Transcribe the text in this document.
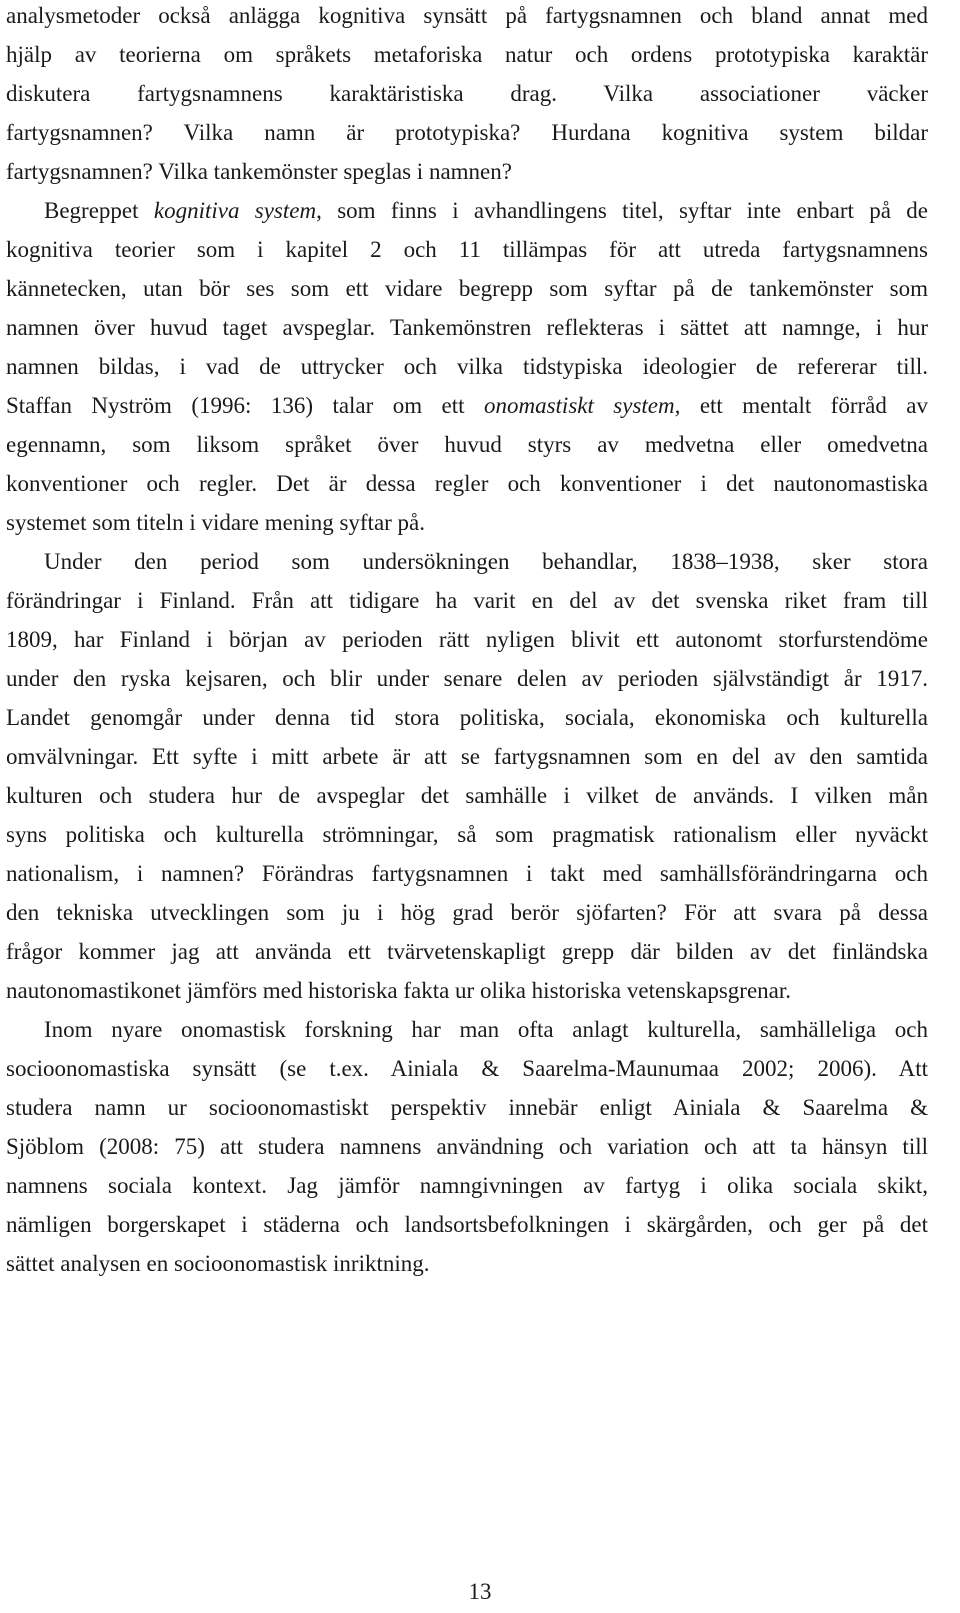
analysmetoder också anlägga kognitiva synsätt på fartygsnamnen och bland annat med
hjälp av teorierna om språkets metaforiska natur och ordens prototypiska karaktär
diskutera fartygsnamnens karaktäristiska drag. Vilka associationer väcker
fartygsnamnen? Vilka namn är prototypiska? Hurdana kognitiva system bildar
fartygsnamnen? Vilka tankemönster speglas i namnen?
Begreppet kognitiva system, som finns i avhandlingens titel, syftar inte enbart på de
kognitiva teorier som i kapitel 2 och 11 tillämpas för att utreda fartygsnamnens
kännetecken, utan bör ses som ett vidare begrepp som syftar på de tankemönster som
namnen över huvud taget avspeglar. Tankemönstren reflekteras i sättet att namnge, i hur
namnen bildas, i vad de uttrycker och vilka tidstypiska ideologier de refererar till.
Staffan Nyström (1996: 136) talar om ett onomastiskt system, ett mentalt förråd av
egennamn, som liksom språket över huvud styrs av medvetna eller omedvetna
konventioner och regler. Det är dessa regler och konventioner i det nautonomastiska
systemet som titeln i vidare mening syftar på.
Under den period som undersökningen behandlar, 1838–1938, sker stora
förändringar i Finland. Från att tidigare ha varit en del av det svenska riket fram till
1809, har Finland i början av perioden rätt nyligen blivit ett autonomt storfurstendöme
under den ryska kejsaren, och blir under senare delen av perioden självständigt år 1917.
Landet genomgår under denna tid stora politiska, sociala, ekonomiska och kulturella
omvälvningar. Ett syfte i mitt arbete är att se fartygsnamnen som en del av den samtida
kulturen och studera hur de avspeglar det samhälle i vilket de används. I vilken mån
syns politiska och kulturella strömningar, så som pragmatisk rationalism eller nyväckt
nationalism, i namnen? Förändras fartygsnamnen i takt med samhällsförändringarna och
den tekniska utvecklingen som ju i hög grad berör sjöfarten? För att svara på dessa
frågor kommer jag att använda ett tvärvetenskapligt grepp där bilden av det finländska
nautonomastikonet jämförs med historiska fakta ur olika historiska vetenskapsgrenar.
Inom nyare onomastisk forskning har man ofta anlagt kulturella, samhälleliga och
socioonomastiska synsätt (se t.ex. Ainiala & Saarelma-Maunumaa 2002; 2006). Att
studera namn ur socioonomastiskt perspektiv innebär enligt Ainiala & Saarelma &
Sjöblom (2008: 75) att studera namnens användning och variation och att ta hänsyn till
namnens sociala kontext. Jag jämför namngivningen av fartyg i olika sociala skikt,
nämligen borgerskapet i städerna och landsortsbefolkningen i skärgården, och ger på det
sättet analysen en socioonomastisk inriktning.
13
